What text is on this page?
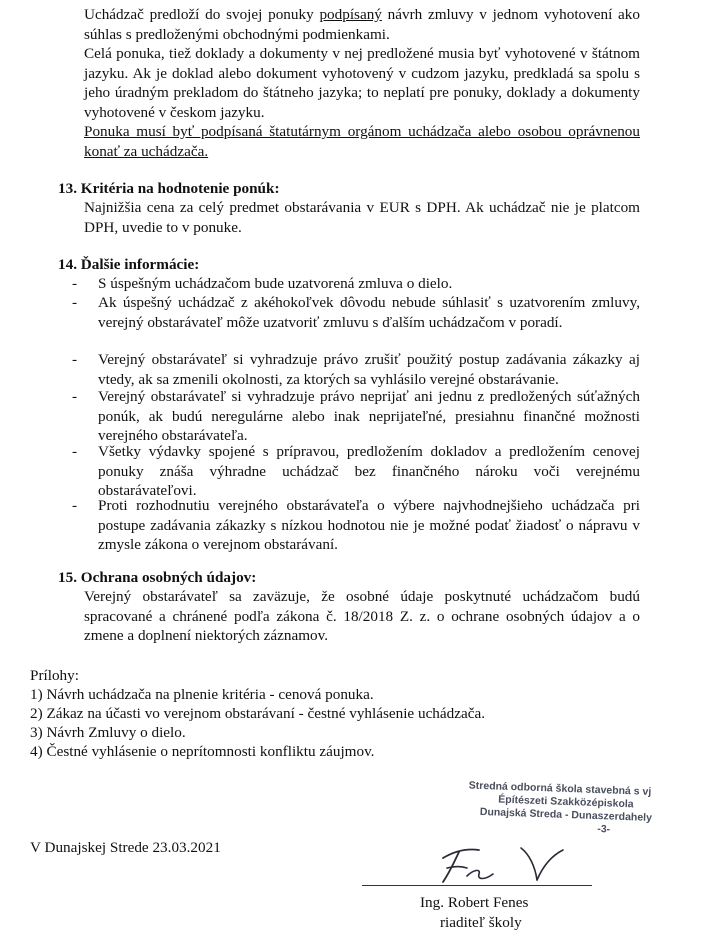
Uchádzač predloží do svojej ponuky podpísaný návrh zmluvy v jednom vyhotovení ako súhlas s predloženými obchodnými podmienkami.
Celá ponuka, tiež doklady a dokumenty v nej predložené musia byť vyhotovené v štátnom jazyku. Ak je doklad alebo dokument vyhotovený v cudzom jazyku, predkladá sa spolu s jeho úradným prekladom do štátneho jazyka; to neplatí pre ponuky, doklady a dokumenty vyhotovené v českom jazyku.
Ponuka musí byť podpísaná štatutárnym orgánom uchádzača alebo osobou oprávnenou konať za uchádzača.
13. Kritéria na hodnotenie ponúk:
Najnižšia cena za celý predmet obstarávania v EUR s DPH. Ak uchádzač nie je platcom DPH, uvedie to v ponuke.
14. Ďalšie informácie:
- S úspešným uchádzačom bude uzatvorená zmluva o dielo.
- Ak úspešný uchádzač z akéhokoľvek dôvodu nebude súhlasiť s uzatvorením zmluvy, verejný obstarávateľ môže uzatvoriť zmluvu s ďalším uchádzačom v poradí.
- Verejný obstarávateľ si vyhradzuje právo zrušiť použitý postup zadávania zákazky aj vtedy, ak sa zmenili okolnosti, za ktorých sa vyhlásilo verejné obstarávanie.
- Verejný obstarávateľ si vyhradzuje právo neprijať ani jednu z predložených súťažných ponúk, ak budú neregulárne alebo inak neprijateľné, presiahnu finančné možnosti verejného obstarávateľa.
- Všetky výdavky spojené s prípravou, predložením dokladov a predložením cenovej ponuky znáša výhradne uchádzač bez finančného nároku voči verejnému obstarávateľovi.
- Proti rozhodnutiu verejného obstarávateľa o výbere najvhodnejšieho uchádzača pri postupe zadávania zákazky s nízkou hodnotou nie je možné podať žiadosť o nápravu v zmysle zákona o verejnom obstarávaní.
15. Ochrana osobných údajov:
Verejný obstarávateľ sa zaväzuje, že osobné údaje poskytnuté uchádzačom budú spracované a chránené podľa zákona č. 18/2018 Z. z. o ochrane osobných údajov a o zmene a doplnení niektorých záznamov.
Prílohy:
1) Návrh uchádzača na plnenie kritéria - cenová ponuka.
2) Zákaz na účasti vo verejnom obstarávaní - čestné vyhlásenie uchádzača.
3) Návrh Zmluvy o dielo.
4) Čestné vyhlásenie o neprítomnosti konfliktu záujmov.
Stredná odborná škola stavebná s vj
Építészeti Szakközépiskola
Dunajská Streda - Dunaszerdahely
-3-
V Dunajskej Strede 23.03.2021
Ing. Robert Fenes
riaditeľ školy
